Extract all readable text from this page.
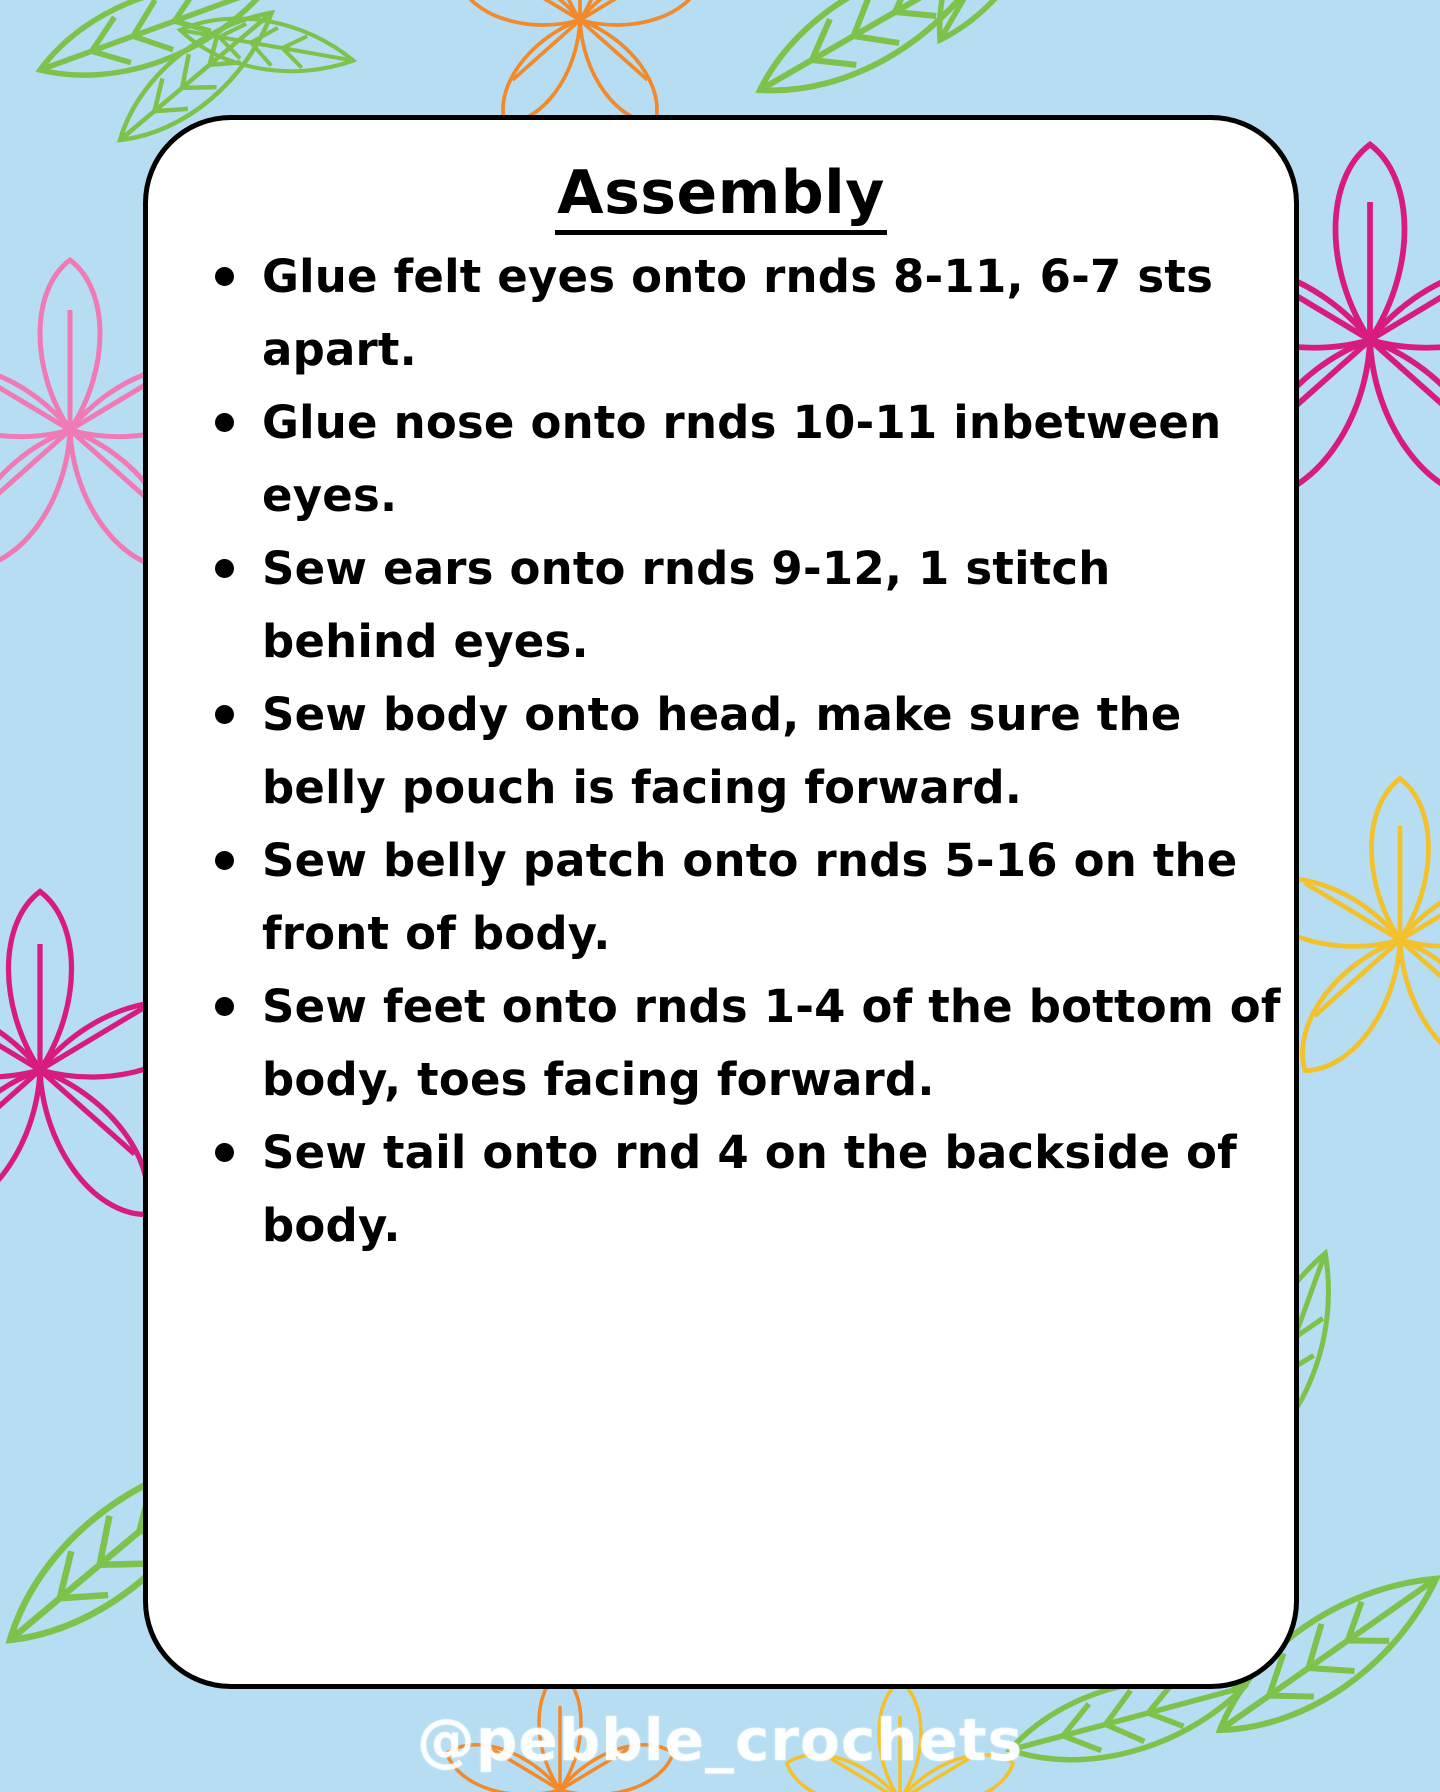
Assembly
Glue felt eyes onto rnds 8-11, 6-7 sts apart.
Glue nose onto rnds 10-11 inbetween eyes.
Sew ears onto rnds 9-12, 1 stitch behind eyes.
Sew body onto head, make sure the belly pouch is facing forward.
Sew belly patch onto rnds 5-16 on the front of body.
Sew feet onto rnds 1-4 of the bottom of body, toes facing forward.
Sew tail onto rnd 4 on the backside of body.
@pebble_crochets
